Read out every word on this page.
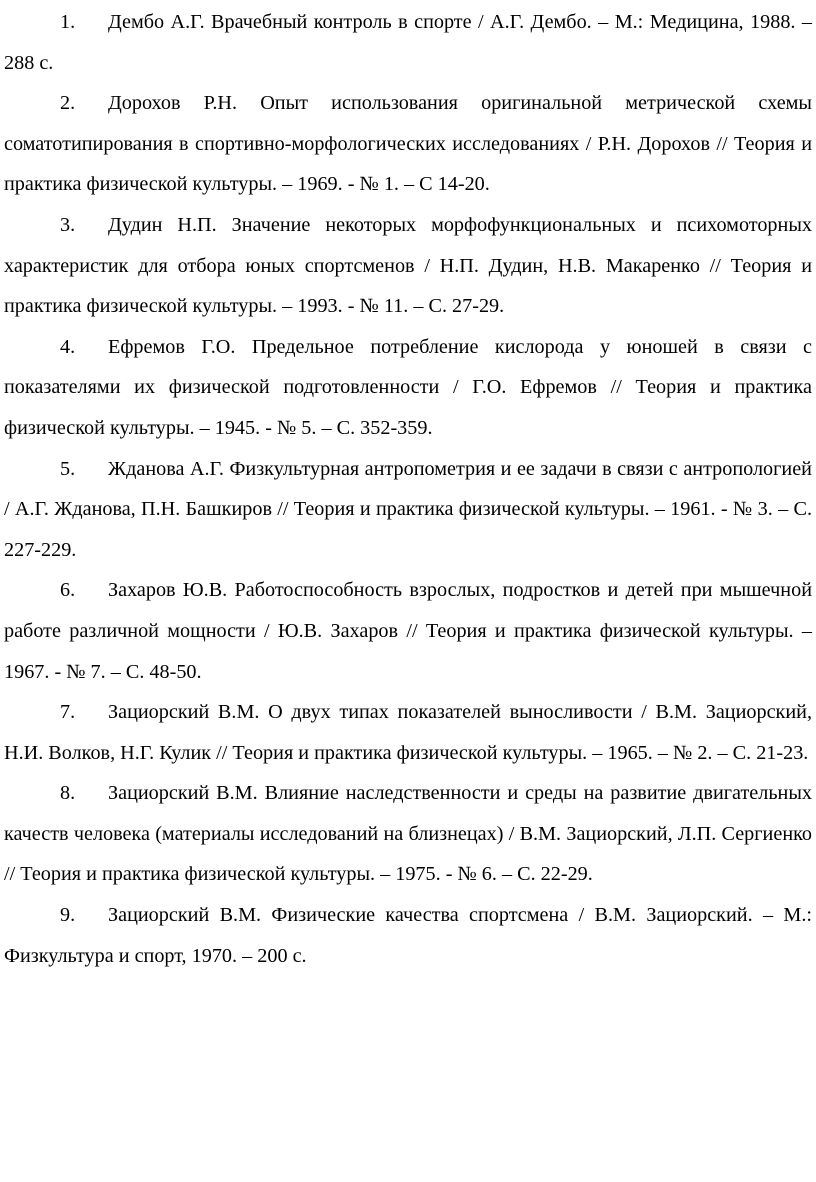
1. Дембо А.Г. Врачебный контроль в спорте / А.Г. Дембо. – М.: Медицина, 1988. – 288 с.
2. Дорохов Р.Н. Опыт использования оригинальной метрической схемы соматотипирования в спортивно-морфологических исследованиях / Р.Н. Дорохов // Теория и практика физической культуры. – 1969. - № 1. – С 14-20.
3. Дудин Н.П. Значение некоторых морфофункциональных и психомоторных характеристик для отбора юных спортсменов / Н.П. Дудин, Н.В. Макаренко // Теория и практика физической культуры. – 1993. - № 11. – С. 27-29.
4. Ефремов Г.О. Предельное потребление кислорода у юношей в связи с показателями их физической подготовленности / Г.О. Ефремов // Теория и практика физической культуры. – 1945. - № 5. – С. 352-359.
5. Жданова А.Г. Физкультурная антропометрия и ее задачи в связи с антропологией / А.Г. Жданова, П.Н. Башкиров // Теория и практика физической культуры. – 1961. - № 3. – С. 227-229.
6. Захаров Ю.В. Работоспособность взрослых, подростков и детей при мышечной работе различной мощности / Ю.В. Захаров // Теория и практика физической культуры. – 1967. - № 7. – С. 48-50.
7. Зациорский В.М. О двух типах показателей выносливости / В.М. Зациорский, Н.И. Волков, Н.Г. Кулик // Теория и практика физической культуры. – 1965. – № 2. – С. 21-23.
8. Зациорский В.М. Влияние наследственности и среды на развитие двигательных качеств человека (материалы исследований на близнецах) / В.М. Зациорский, Л.П. Сергиенко // Теория и практика физической культуры. – 1975. - № 6. – С. 22-29.
9. Зациорский В.М. Физические качества спортсмена / В.М. Зациорский. – М.: Физкультура и спорт, 1970. – 200 с.
